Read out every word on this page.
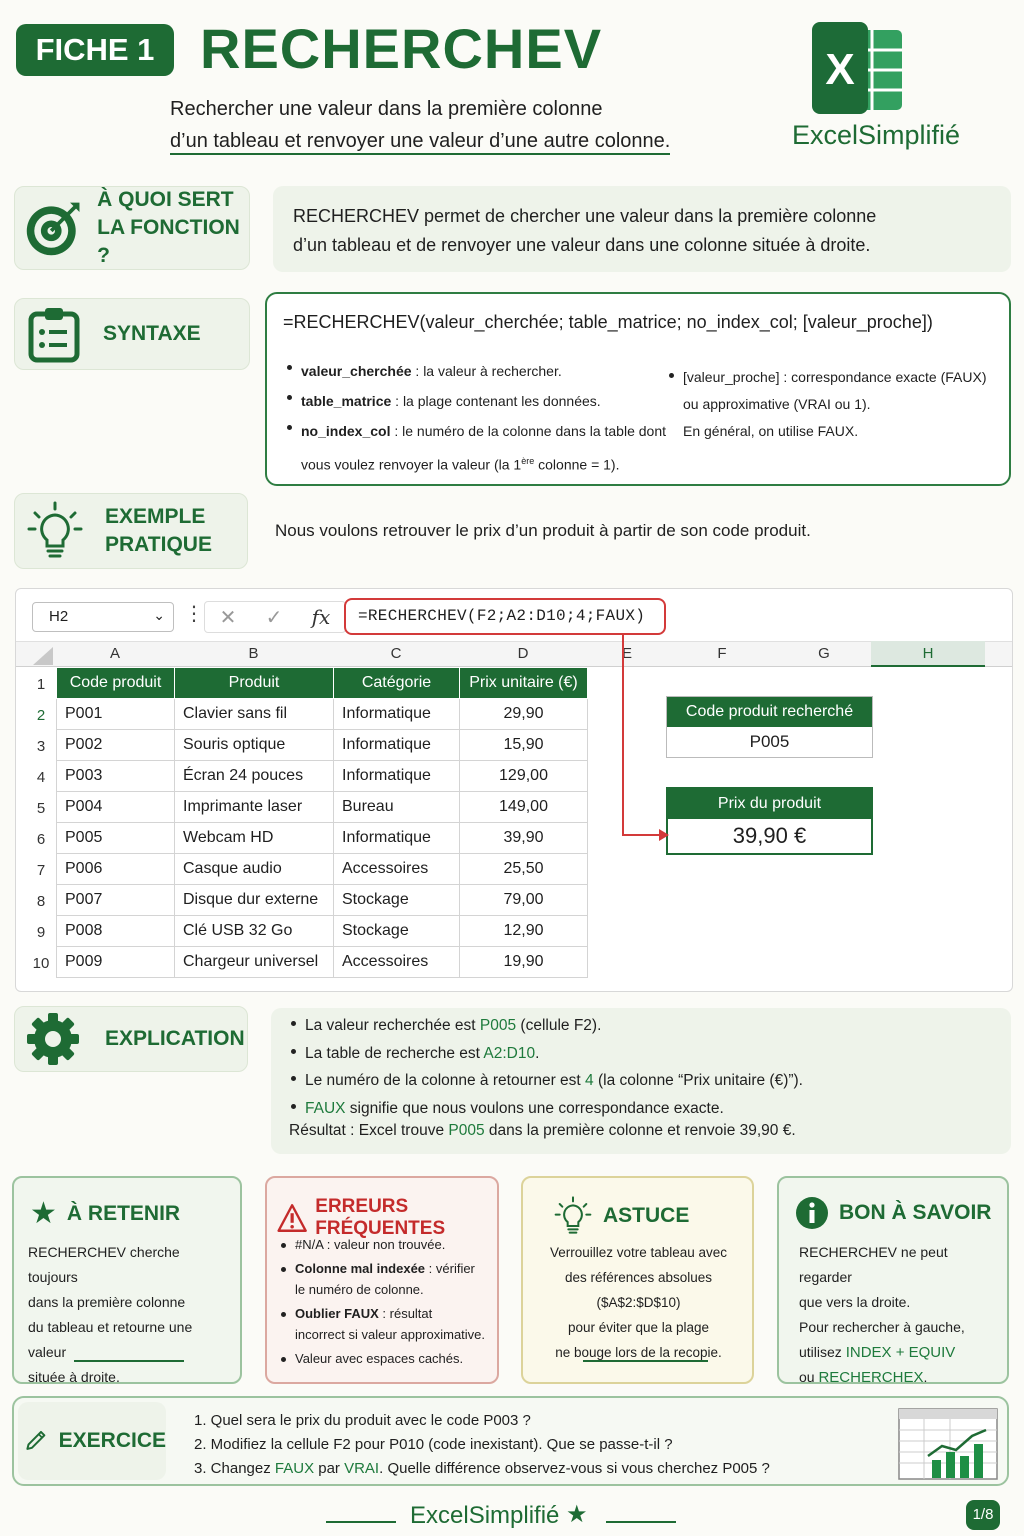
FICHE 1 RECHERCHEV
Rechercher une valeur dans la première colonne
d’un tableau et renvoyer une valeur d’une autre colonne.
X
ExcelSimplifié
À QUOI SERT
LA FONCTION ?
RECHERCHEV permet de chercher une valeur dans la première colonne
d’un tableau et de renvoyer une valeur dans une colonne située à droite.
SYNTAXE	=RECHERCHEV(valeur_cherchée; table_matrice; no_index_col; [valeur_proche])
valeur_cherchée : la valeur à rechercher.
table_matrice : la plage contenant les données.
no_index_col : le numéro de la colonne dans la table dont
vous voulez renvoyer la valeur (la 1ère colonne = 1).
[valeur_proche] : correspondance exacte (FAUX)
ou approximative (VRAI ou 1).
En général, on utilise FAUX.
EXEMPLE
PRATIQUE
Nous voulons retrouver le prix d’un produit à partir de son code produit.
H2	⌄ ⋮ ✕ ✓ fx	=RECHERCHEV(F2;A2:D10;4;FAUX)
A	B	C	D	E	F	G	H
1
2
3
4
5
6
7
8
9
10
Code produit	Produit	Catégorie	Prix unitaire (€)
P001	Clavier sans fil	Informatique	29,90
P002	Souris optique	Informatique	15,90
P003	Écran 24 pouces	Informatique	129,00
P004	Imprimante laser	Bureau	149,00
P005	Webcam HD	Informatique	39,90
P006	Casque audio	Accessoires	25,50
P007	Disque dur externe	Stockage	79,00
P008	Clé USB 32 Go	Stockage	12,90
P009	Chargeur universel	Accessoires	19,90
Code produit recherché
P005
Prix du produit
39,90 €
EXPLICATION
La valeur recherchée est P005 (cellule F2).
La table de recherche est A2:D10.
Le numéro de la colonne à retourner est 4 (la colonne “Prix unitaire (€)”).
FAUX signifie que nous voulons une correspondance exacte.
Résultat : Excel trouve P005 dans la première colonne et renvoie 39,90 €.
★ À RETENIR
RECHERCHEV cherche toujours
dans la première colonne
du tableau et retourne une valeur
située à droite.
ERREURS FRÉQUENTES
#N/A : valeur non trouvée.
Colonne mal indexée : vérifier
le numéro de colonne.
Oublier FAUX : résultat
incorrect si valeur approximative.
Valeur avec espaces cachés.
ASTUCE
Verrouillez votre tableau avec
des références absolues ($A$2:$D$10)
pour éviter que la plage
ne bouge lors de la recopie.
BON À SAVOIR
RECHERCHEV ne peut regarder
que vers la droite.
Pour rechercher à gauche,
utilisez INDEX + EQUIV
ou RECHERCHEX.
EXERCICE
1. Quel sera le prix du produit avec le code P003 ?
2. Modifiez la cellule F2 pour P010 (code inexistant). Que se passe-t-il ?
3. Changez FAUX par VRAI. Quelle différence observez-vous si vous cherchez P005 ?
ExcelSimplifié ★	1/8
